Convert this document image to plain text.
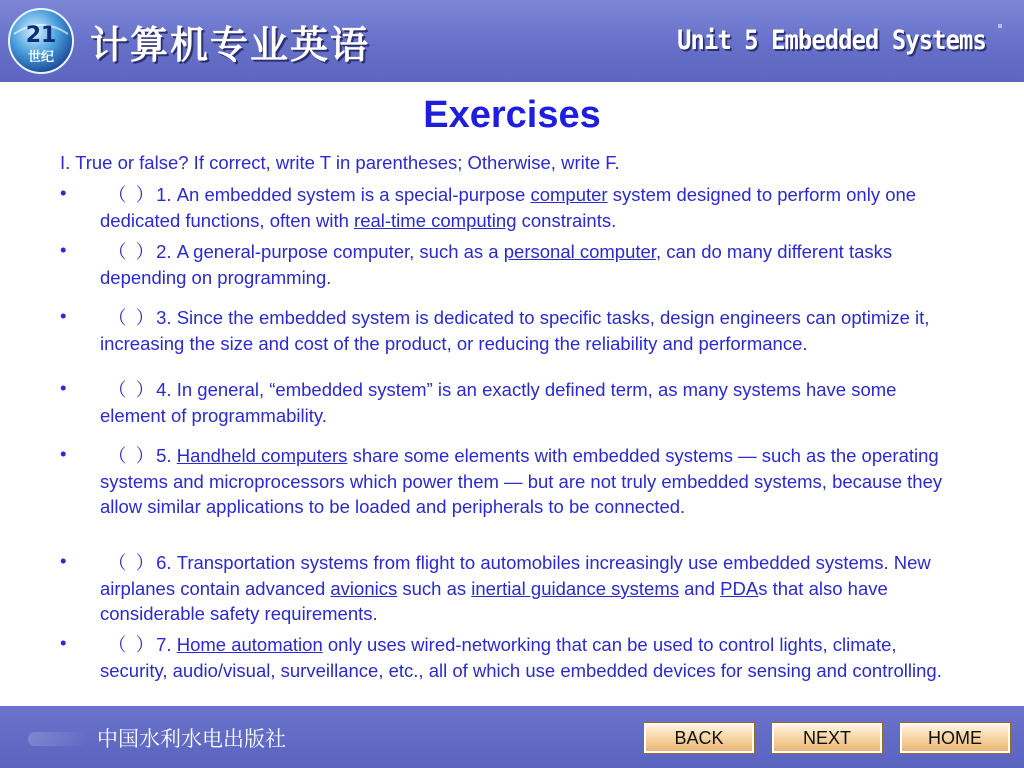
21
世纪 计算机专业英语	Unit 5 Embedded Systems
Exercises
I. True or false? If correct, write T in parentheses; Otherwise, write F.
•	（ ）1. An embedded system is a special-purpose computer system designed to perform only one dedicated functions, often with real-time computing constraints.
•	（ ）2. A general-purpose computer, such as a personal computer, can do many different tasks depending on programming.
•	（ ）3. Since the embedded system is dedicated to specific tasks, design engineers can optimize it, increasing the size and cost of the product, or reducing the reliability and performance.
•	（ ）4. In general, “embedded system” is an exactly defined term, as many systems have some element of programmability.
•	（ ）5. Handheld computers share some elements with embedded systems — such as the operating systems and microprocessors which power them — but are not truly embedded systems, because they allow similar applications to be loaded and peripherals to be connected.
•	（ ）6. Transportation systems from flight to automobiles increasingly use embedded systems. New airplanes contain advanced avionics such as inertial guidance systems and PDAs that also have considerable safety requirements.
•	（ ）7. Home automation only uses wired-networking that can be used to control lights, climate, security, audio/visual, surveillance, etc., all of which use embedded devices for sensing and controlling.
中国水利水电出版社	BACK	NEXT	HOME
